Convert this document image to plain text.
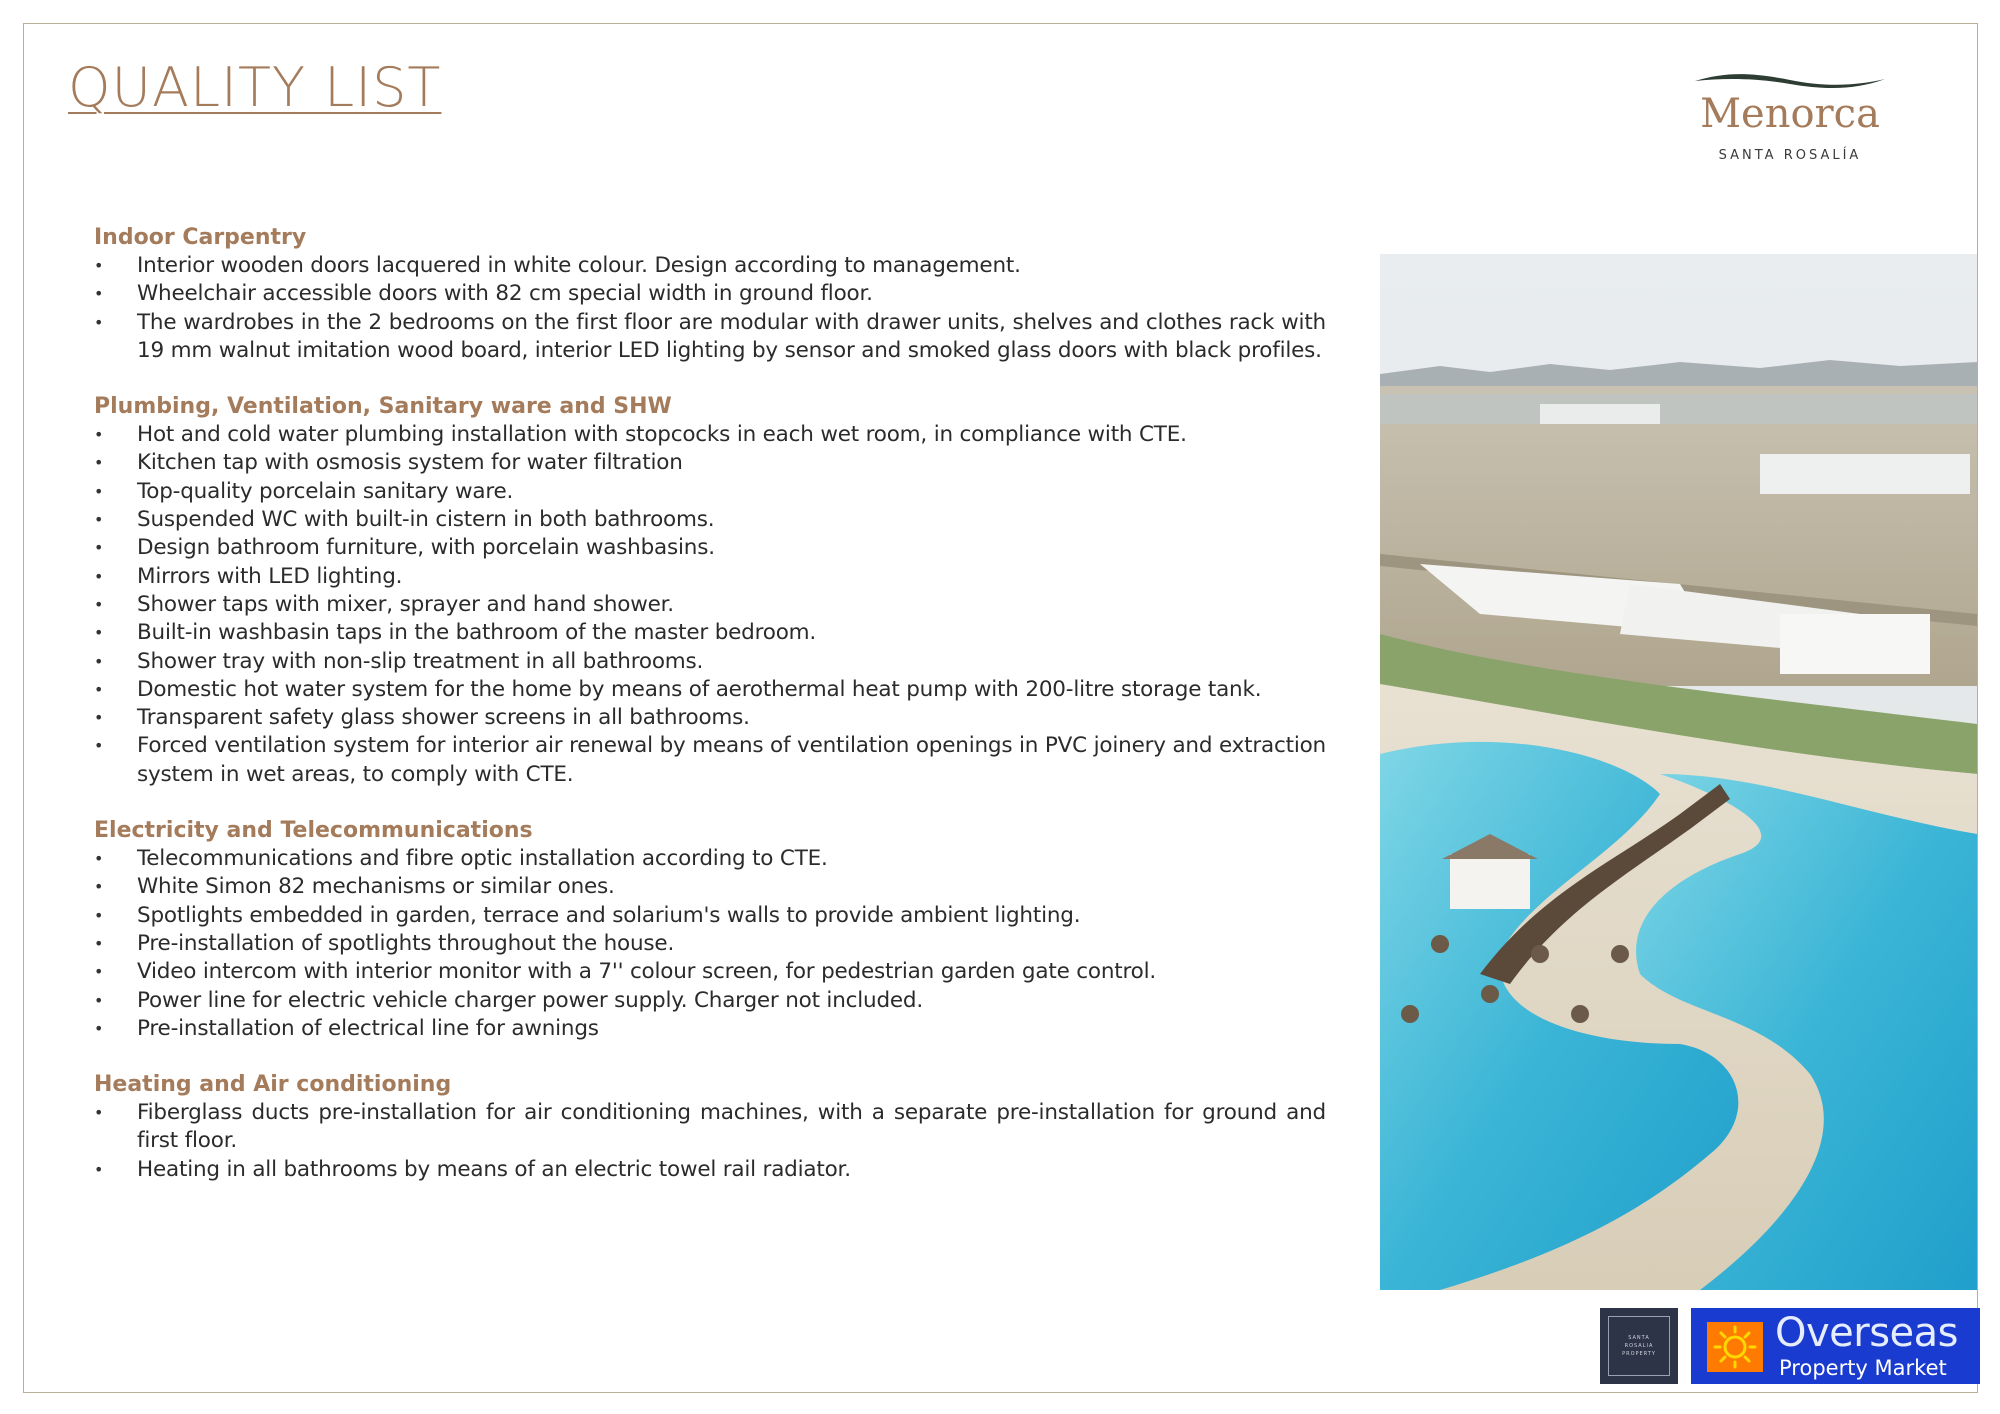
QUALITY LIST	Menorca
SANTA ROSALÍA
Indoor Carpentry
• Interior wooden doors lacquered in white colour. Design according to management.
• Wheelchair accessible doors with 82 cm special width in ground floor.
• The wardrobes in the 2 bedrooms on the first floor are modular with drawer units, shelves and clothes rack with 19 mm walnut imitation wood board, interior LED lighting by sensor and smoked glass doors with black profiles.
Plumbing, Ventilation, Sanitary ware and SHW
• Hot and cold water plumbing installation with stopcocks in each wet room, in compliance with CTE.
• Kitchen tap with osmosis system for water filtration
• Top-quality porcelain sanitary ware.
• Suspended WC with built-in cistern in both bathrooms.
• Design bathroom furniture, with porcelain washbasins.
• Mirrors with LED lighting.
• Shower taps with mixer, sprayer and hand shower.
• Built-in washbasin taps in the bathroom of the master bedroom.
• Shower tray with non-slip treatment in all bathrooms.
• Domestic hot water system for the home by means of aerothermal heat pump with 200-litre storage tank.
• Transparent safety glass shower screens in all bathrooms.
• Forced ventilation system for interior air renewal by means of ventilation openings in PVC joinery and extraction system in wet areas, to comply with CTE.
Electricity and Telecommunications
• Telecommunications and fibre optic installation according to CTE.
• White Simon 82 mechanisms or similar ones.
• Spotlights embedded in garden, terrace and solarium's walls to provide ambient lighting.
• Pre-installation of spotlights throughout the house.
• Video intercom with interior monitor with a 7'' colour screen, for pedestrian garden gate control.
• Power line for electric vehicle charger power supply. Charger not included.
• Pre-installation of electrical line for awnings
Heating and Air conditioning
• Fiberglass ducts pre-installation for air conditioning machines, with a separate pre-installation for ground and first floor.
• Heating in all bathrooms by means of an electric towel rail radiator.
SANTA
ROSALIA
PROPERTY	Overseas
Property Market
